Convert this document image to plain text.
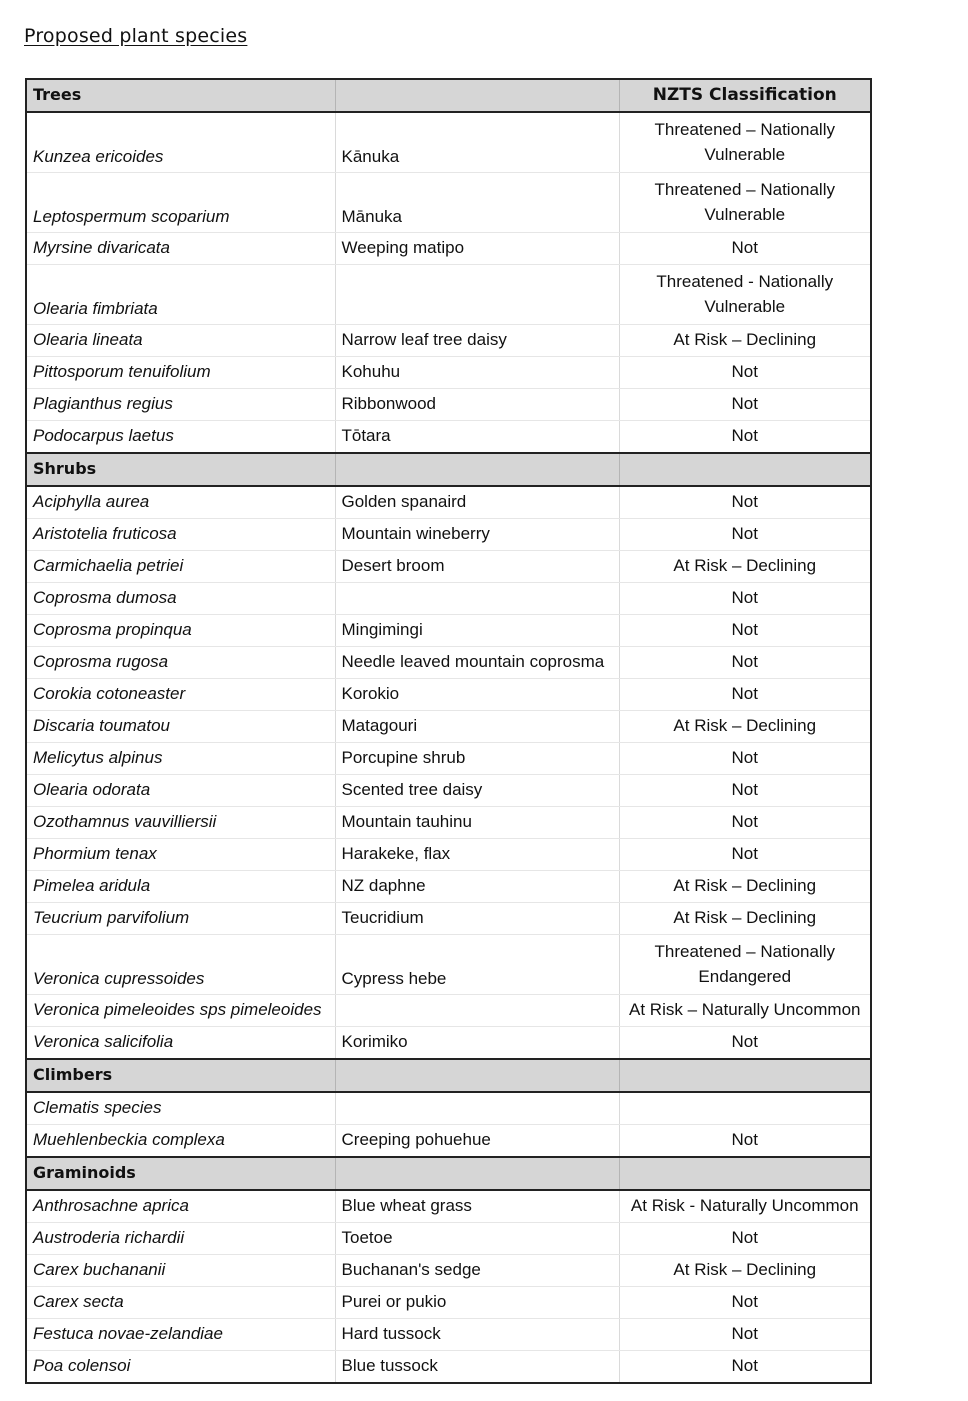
Proposed plant species
Trees		NZTS Classification
Kunzea ericoides	Kānuka	Threatened – Nationally Vulnerable
Leptospermum scoparium	Mānuka	Threatened – Nationally Vulnerable
Myrsine divaricata	Weeping matipo	Not
Olearia fimbriata		Threatened - Nationally Vulnerable
Olearia lineata	Narrow leaf tree daisy	At Risk – Declining
Pittosporum tenuifolium	Kohuhu	Not
Plagianthus regius	Ribbonwood	Not
Podocarpus laetus	Tōtara	Not
Shrubs		
Aciphylla aurea	Golden spanaird	Not
Aristotelia fruticosa	Mountain wineberry	Not
Carmichaelia petriei	Desert broom	At Risk – Declining
Coprosma dumosa		Not
Coprosma propinqua	Mingimingi	Not
Coprosma rugosa	Needle leaved mountain coprosma	Not
Corokia cotoneaster	Korokio	Not
Discaria toumatou	Matagouri	At Risk – Declining
Melicytus alpinus	Porcupine shrub	Not
Olearia odorata	Scented tree daisy	Not
Ozothamnus vauvilliersii	Mountain tauhinu	Not
Phormium tenax	Harakeke, flax	Not
Pimelea aridula	NZ daphne	At Risk – Declining
Teucrium parvifolium	Teucridium	At Risk – Declining
Veronica cupressoides	Cypress hebe	Threatened – Nationally Endangered
Veronica pimeleoides sps pimeleoides		At Risk – Naturally Uncommon
Veronica salicifolia	Korimiko	Not
Climbers		
Clematis species		
Muehlenbeckia complexa	Creeping pohuehue	Not
Graminoids		
Anthrosachne aprica	Blue wheat grass	At Risk - Naturally Uncommon
Austroderia richardii	Toetoe	Not
Carex buchananii	Buchanan's sedge	At Risk – Declining
Carex secta	Purei or pukio	Not
Festuca novae-zelandiae	Hard tussock	Not
Poa colensoi	Blue tussock	Not
